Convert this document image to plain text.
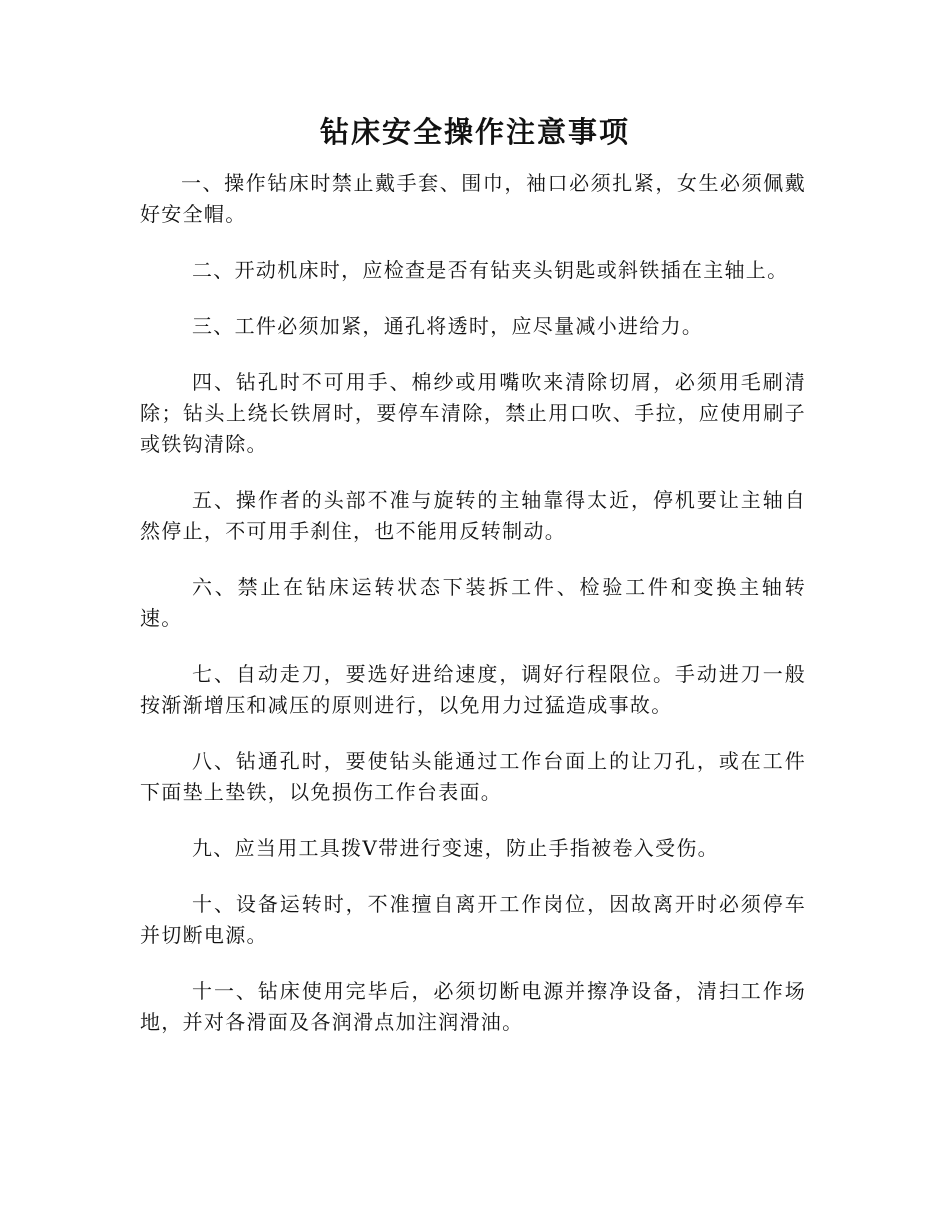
钻床安全操作注意事项

一、操作钻床时禁止戴手套、围巾，袖口必须扎紧，女生必须佩戴好安全帽。

二、开动机床时，应检查是否有钻夹头钥匙或斜铁插在主轴上。

三、工件必须加紧，通孔将透时，应尽量减小进给力。

四、钻孔时不可用手、棉纱或用嘴吹来清除切屑，必须用毛刷清除；钻头上绕长铁屑时，要停车清除，禁止用口吹、手拉，应使用刷子或铁钩清除。

五、操作者的头部不准与旋转的主轴靠得太近，停机要让主轴自然停止，不可用手刹住，也不能用反转制动。

六、禁止在钻床运转状态下装拆工件、检验工件和变换主轴转速。

七、自动走刀，要选好进给速度，调好行程限位。手动进刀一般按渐渐增压和减压的原则进行，以免用力过猛造成事故。

八、钻通孔时，要使钻头能通过工作台面上的让刀孔，或在工件下面垫上垫铁，以免损伤工作台表面。

九、应当用工具拨Ⅴ带进行变速，防止手指被卷入受伤。

十、设备运转时，不准擅自离开工作岗位，因故离开时必须停车并切断电源。

十一、钻床使用完毕后，必须切断电源并擦净设备，清扫工作场地，并对各滑面及各润滑点加注润滑油。
